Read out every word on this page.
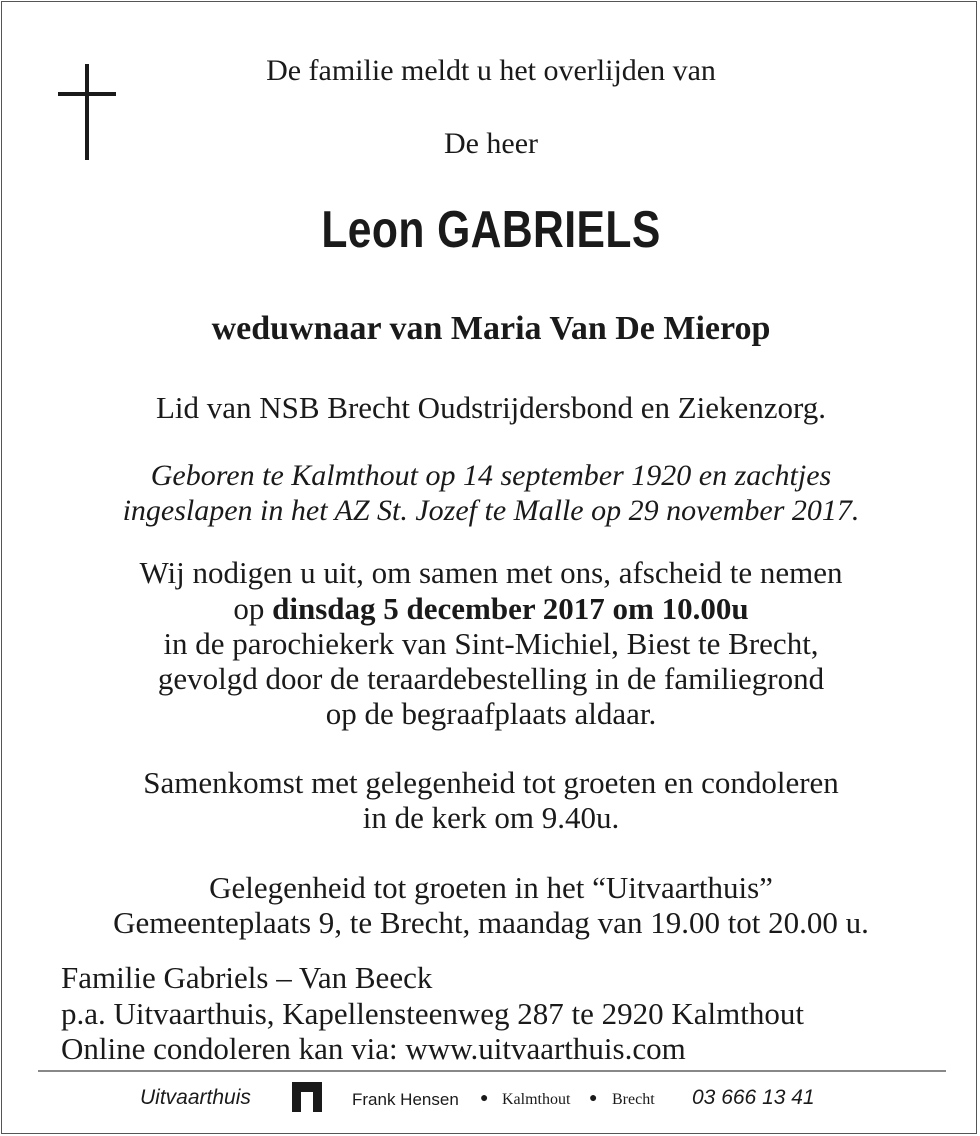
De familie meldt u het overlijden van
De heer
Leon GABRIELS
weduwnaar van Maria Van De Mierop
Lid van NSB Brecht Oudstrijdersbond en Ziekenzorg.
Geboren te Kalmthout op 14 september 1920 en zachtjes
ingeslapen in het AZ St. Jozef te Malle op 29 november 2017.
Wij nodigen u uit, om samen met ons, afscheid te nemen
op dinsdag 5 december 2017 om 10.00u
in de parochiekerk van Sint-Michiel, Biest te Brecht,
gevolgd door de teraardebestelling in de familiegrond
op de begraafplaats aldaar.
Samenkomst met gelegenheid tot groeten en condoleren
in de kerk om 9.40u.
Gelegenheid tot groeten in het “Uitvaarthuis”
Gemeenteplaats 9, te Brecht, maandag van 19.00 tot 20.00 u.
Familie Gabriels – Van Beeck
p.a. Uitvaarthuis, Kapellensteenweg 287 te 2920 Kalmthout
Online condoleren kan via: www.uitvaarthuis.com
Uitvaarthuis	Frank Hensen ● Kalmthout ● Brecht 03 666 13 41
